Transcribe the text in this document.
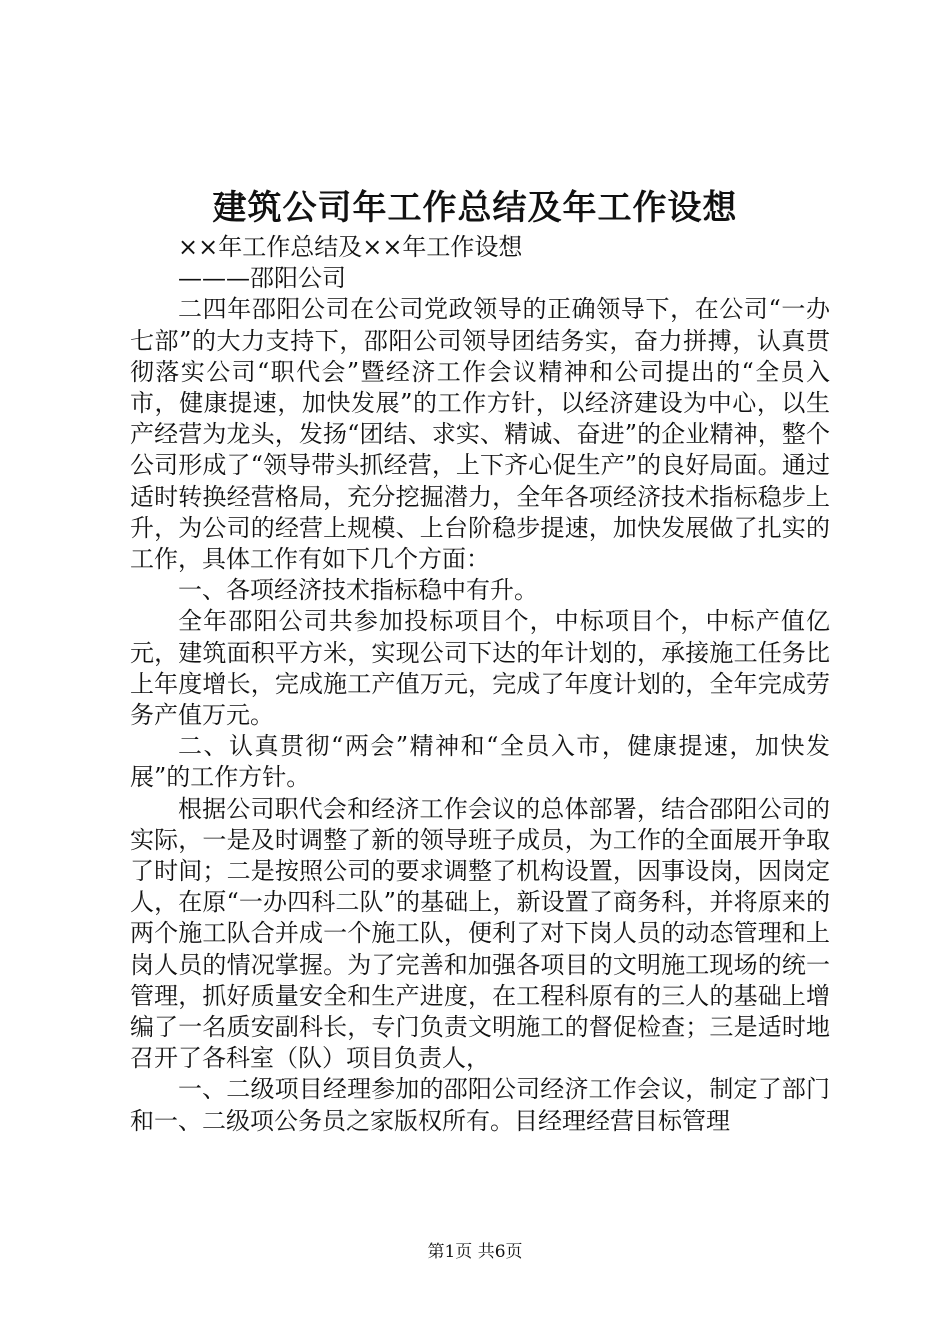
建筑公司年工作总结及年工作设想

××年工作总结及××年工作设想

———邵阳公司

二四年邵阳公司在公司党政领导的正确领导下，在公司“一办七部”的大力支持下，邵阳公司领导团结务实，奋力拼搏，认真贯彻落实公司“职代会”暨经济工作会议精神和公司提出的“全员入市，健康提速，加快发展”的工作方针，以经济建设为中心，以生产经营为龙头，发扬“团结、求实、精诚、奋进”的企业精神，整个公司形成了“领导带头抓经营，上下齐心促生产”的良好局面。通过适时转换经营格局，充分挖掘潜力，全年各项经济技术指标稳步上升，为公司的经营上规模、上台阶稳步提速，加快发展做了扎实的工作，具体工作有如下几个方面：

一、各项经济技术指标稳中有升。

全年邵阳公司共参加投标项目个，中标项目个，中标产值亿元，建筑面积平方米，实现公司下达的年计划的，承接施工任务比上年度增长，完成施工产值万元，完成了年度计划的，全年完成劳务产值万元。

二、认真贯彻“两会”精神和“全员入市，健康提速，加快发展”的工作方针。

根据公司职代会和经济工作会议的总体部署，结合邵阳公司的实际，一是及时调整了新的领导班子成员，为工作的全面展开争取了时间；二是按照公司的要求调整了机构设置，因事设岗，因岗定人，在原“一办四科二队”的基础上，新设置了商务科，并将原来的两个施工队合并成一个施工队，便利了对下岗人员的动态管理和上岗人员的情况掌握。为了完善和加强各项目的文明施工现场的统一管理，抓好质量安全和生产进度，在工程科原有的三人的基础上增编了一名质安副科长，专门负责文明施工的督促检查；三是适时地召开了各科室（队）项目负责人，

一、二级项目经理参加的邵阳公司经济工作会议，制定了部门和一、二级项公务员之家版权所有。目经理经营目标管理

第1页 共6页
